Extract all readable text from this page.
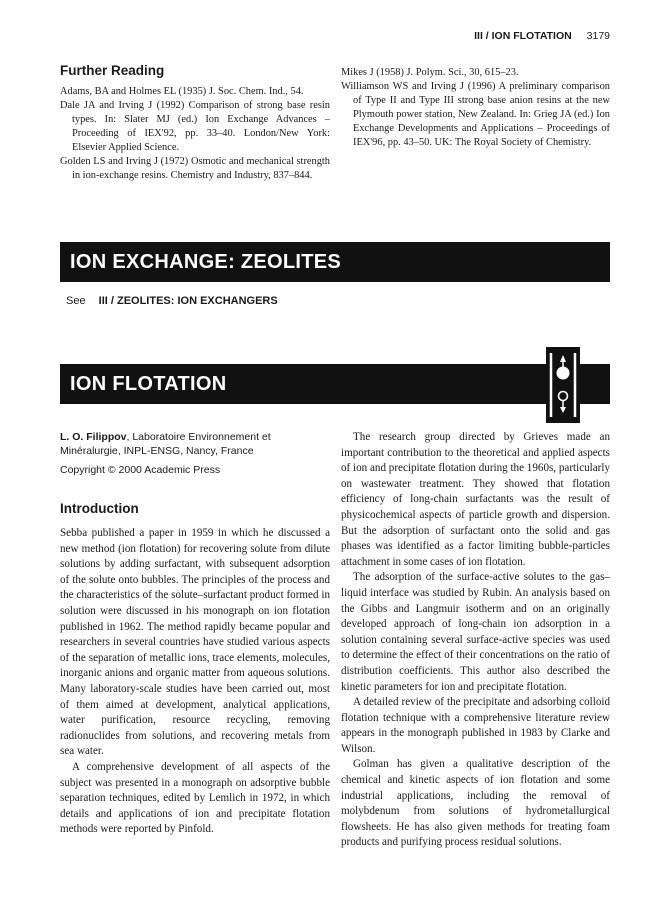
III / ION FLOTATION 3179
Further Reading

Adams, BA and Holmes EL (1935) J. Soc. Chem. Ind., 54.

Dale JA and Irving J (1992) Comparison of strong base resin types. In: Slater MJ (ed.) Ion Exchange Advances – Proceeding of IEX'92, pp. 33–40. London/New York: Elsevier Applied Science.

Golden LS and Irving J (1972) Osmotic and mechanical strength in ion-exchange resins. Chemistry and Industry, 837–844.

Mikes J (1958) J. Polym. Sci., 30, 615–23.

Williamson WS and Irving J (1996) A preliminary comparison of Type II and Type III strong base anion resins at the new Plymouth power station, New Zealand. In: Grieg JA (ed.) Ion Exchange Developments and Applications – Proceedings of IEX'96, pp. 43–50. UK: The Royal Society of Chemistry.

ION EXCHANGE: ZEOLITES
See III / ZEOLITES: ION EXCHANGERS
ION FLOTATION

L. O. Filippov, Laboratoire Environnement et Minéralurgie, INPL-ENSG, Nancy, France

Copyright © 2000 Academic Press

Introduction

Sebba published a paper in 1959 in which he discussed a new method (ion flotation) for recovering solute from dilute solutions by adding surfactant, with subsequent adsorption of the solute onto bubbles. The principles of the process and the characteristics of the solute–surfactant product formed in solution were discussed in his monograph on ion flotation published in 1962. The method rapidly became popular and researchers in several countries have studied various aspects of the separation of metallic ions, trace elements, molecules, inorganic anions and organic matter from aqueous solutions. Many laboratory-scale studies have been carried out, most of them aimed at development, analytical applications, water purification, resource recycling, removing radionuclides from solutions, and recovering metals from sea water.

A comprehensive development of all aspects of the subject was presented in a monograph on adsorptive bubble separation techniques, edited by Lemlich in 1972, in which details and applications of ion and precipitate flotation methods were reported by Pinfold.

The research group directed by Grieves made an important contribution to the theoretical and applied aspects of ion and precipitate flotation during the 1960s, particularly on wastewater treatment. They showed that flotation efficiency of long-chain surfactants was the result of physicochemical aspects of particle growth and dispersion. But the adsorption of surfactant onto the solid and gas phases was identified as a factor limiting bubble-particles attachment in some cases of ion flotation.

The adsorption of the surface-active solutes to the gas–liquid interface was studied by Rubin. An analysis based on the Gibbs and Langmuir isotherm and on an originally developed approach of long-chain ion adsorption in a solution containing several surface-active species was used to determine the effect of their concentrations on the ratio of distribution coefficients. This author also described the kinetic parameters for ion and precipitate flotation.

A detailed review of the precipitate and adsorbing colloid flotation technique with a comprehensive literature review appears in the monograph published in 1983 by Clarke and Wilson.

Golman has given a qualitative description of the chemical and kinetic aspects of ion flotation and some industrial applications, including the removal of molybdenum from solutions of hydrometallurgical flowsheets. He has also given methods for treating foam products and purifying process residual solutions.
